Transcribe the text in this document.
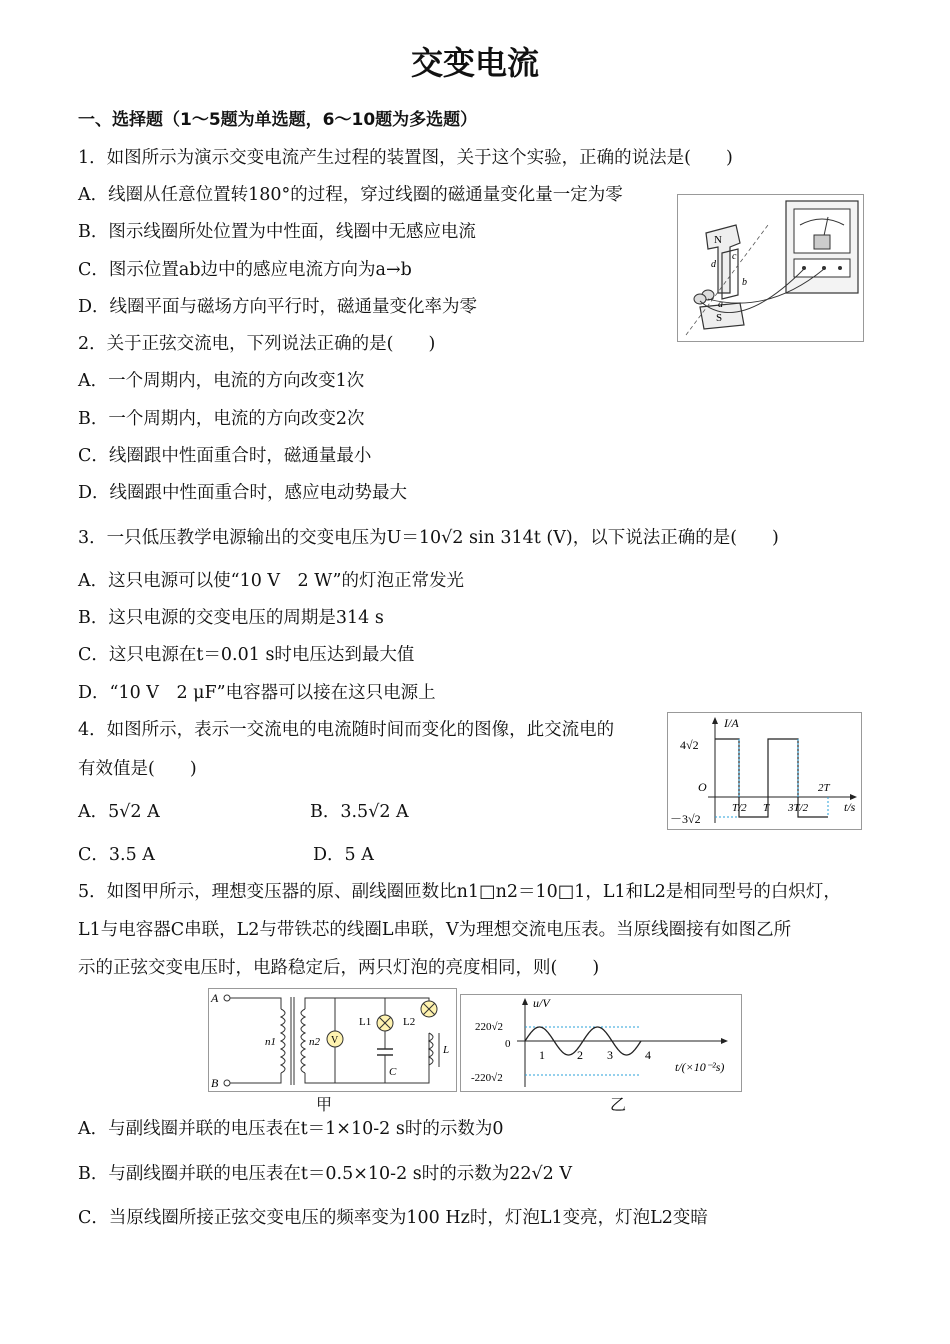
交变电流
一、选择题（1～5题为单选题，6～10题为多选题）
1．如图所示为演示交变电流产生过程的装置图，关于这个实验，正确的说法是(　　)
A．线圈从任意位置转180°的过程，穿过线圈的磁通量变化量一定为零
B．图示线圈所处位置为中性面，线圈中无感应电流
C．图示位置ab边中的感应电流方向为a→b
D．线圈平面与磁场方向平行时，磁通量变化率为零
N
S
d
c
b
a
2．关于正弦交流电，下列说法正确的是(　　)
A．一个周期内，电流的方向改变1次
B．一个周期内，电流的方向改变2次
C．线圈跟中性面重合时，磁通量最小
D．线圈跟中性面重合时，感应电动势最大
3．一只低压教学电源输出的交变电压为U＝10√2 sin 314t (V)，以下说法正确的是(　　)
A．这只电源可以使“10 V　2 W”的灯泡正常发光
B．这只电源的交变电压的周期是314 s
C．这只电源在t＝0.01 s时电压达到最大值
D．“10 V　2 μF”电容器可以接在这只电源上
4．如图所示，表示一交流电的电流随时间而变化的图像，此交流电的
有效值是(　　)
A．5√2 A	B．3.5√2 A
C．3.5 A	D．5 A
I/A
t/s
4√2
－3√2
O
T/2 T 3T/2
2T
5．如图甲所示，理想变压器的原、副线圈匝数比n1□n2＝10□1，L1和L2是相同型号的白炽灯，
L1与电容器C串联，L2与带铁芯的线圈L串联，V为理想交流电压表。当原线圈接有如图乙所
示的正弦交变电压时，电路稳定后，两只灯泡的亮度相同，则(　　)
A
B
n1	n2 V
L1
C
L2
L
甲
u/V
t/(×10⁻²s)
220√2
-220√2
0
1	2 3	4
乙
A．与副线圈并联的电压表在t＝1×10-2 s时的示数为0
B．与副线圈并联的电压表在t＝0.5×10-2 s时的示数为22√2 V
C．当原线圈所接正弦交变电压的频率变为100 Hz时，灯泡L1变亮，灯泡L2变暗
